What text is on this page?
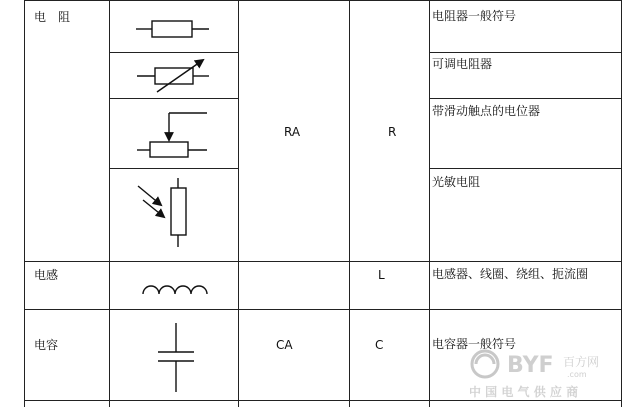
电　阻
电感
电容
RA	R
L
CA	C
电阻器一般符号
可调电阻器
带滑动触点的电位器
光敏电阻
电感器、线圈、绕组、扼流圈
电容器一般符号
BYF 百方网
.com
中 国 电 气 供 应 商
